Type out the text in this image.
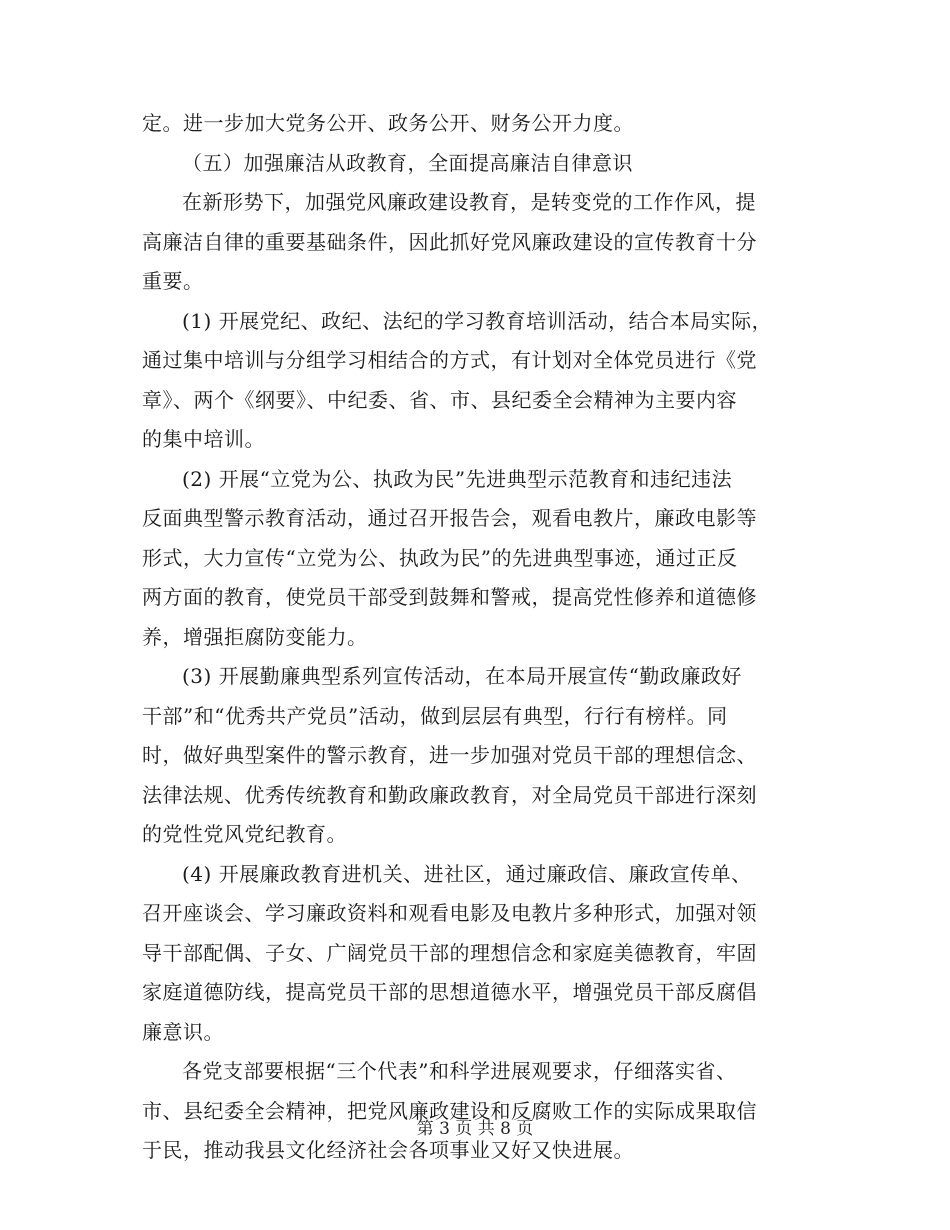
定。进一步加大党务公开、政务公开、财务公开力度。
（五）加强廉洁从政教育，全面提高廉洁自律意识
在新形势下，加强党风廉政建设教育，是转变党的工作作风，提
高廉洁自律的重要基础条件，因此抓好党风廉政建设的宣传教育十分
重要。
(1) 开展党纪、政纪、法纪的学习教育培训活动，结合本局实际，
通过集中培训与分组学习相结合的方式，有计划对全体党员进行《党
章》、两个《纲要》、中纪委、省、市、县纪委全会精神为主要内容
的集中培训。
(2) 开展“立党为公、执政为民”先进典型示范教育和违纪违法
反面典型警示教育活动，通过召开报告会，观看电教片，廉政电影等
形式，大力宣传“立党为公、执政为民”的先进典型事迹，通过正反
两方面的教育，使党员干部受到鼓舞和警戒，提高党性修养和道德修
养，增强拒腐防变能力。
(3) 开展勤廉典型系列宣传活动，在本局开展宣传“勤政廉政好
干部”和“优秀共产党员”活动，做到层层有典型，行行有榜样。同
时，做好典型案件的警示教育，进一步加强对党员干部的理想信念、
法律法规、优秀传统教育和勤政廉政教育，对全局党员干部进行深刻
的党性党风党纪教育。
(4) 开展廉政教育进机关、进社区，通过廉政信、廉政宣传单、
召开座谈会、学习廉政资料和观看电影及电教片多种形式，加强对领
导干部配偶、子女、广阔党员干部的理想信念和家庭美德教育，牢固
家庭道德防线，提高党员干部的思想道德水平，增强党员干部反腐倡
廉意识。
各党支部要根据“三个代表”和科学进展观要求，仔细落实省、
市、县纪委全会精神，把党风廉政建设和反腐败工作的实际成果取信
于民，推动我县文化经济社会各项事业又好又快进展。
第 3 页 共 8 页
